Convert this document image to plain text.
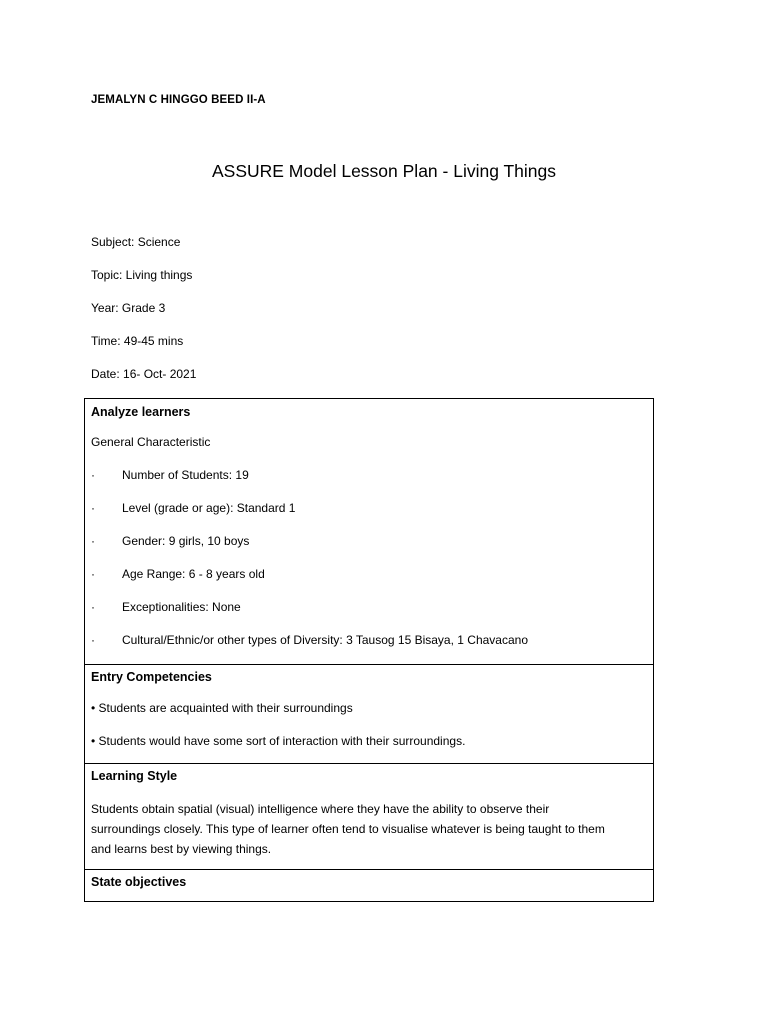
JEMALYN C HINGGO BEED II-A
ASSURE Model Lesson Plan - Living Things
Subject: Science
Topic: Living things
Year: Grade 3
Time: 49-45 mins
Date: 16- Oct- 2021
Analyze learners
General Characteristic
·	Number of Students: 19
·	Level (grade or age): Standard 1
·	Gender: 9 girls, 10 boys
·	Age Range: 6 - 8 years old
·	Exceptionalities: None
·	Cultural/Ethnic/or other types of Diversity: 3 Tausog 15 Bisaya, 1 Chavacano
Entry Competencies
• Students are acquainted with their surroundings
• Students would have some sort of interaction with their surroundings.
Learning Style
Students obtain spatial (visual) intelligence where they have the ability to observe their
surroundings closely. This type of learner often tend to visualise whatever is being taught to them
and learns best by viewing things.
State objectives
